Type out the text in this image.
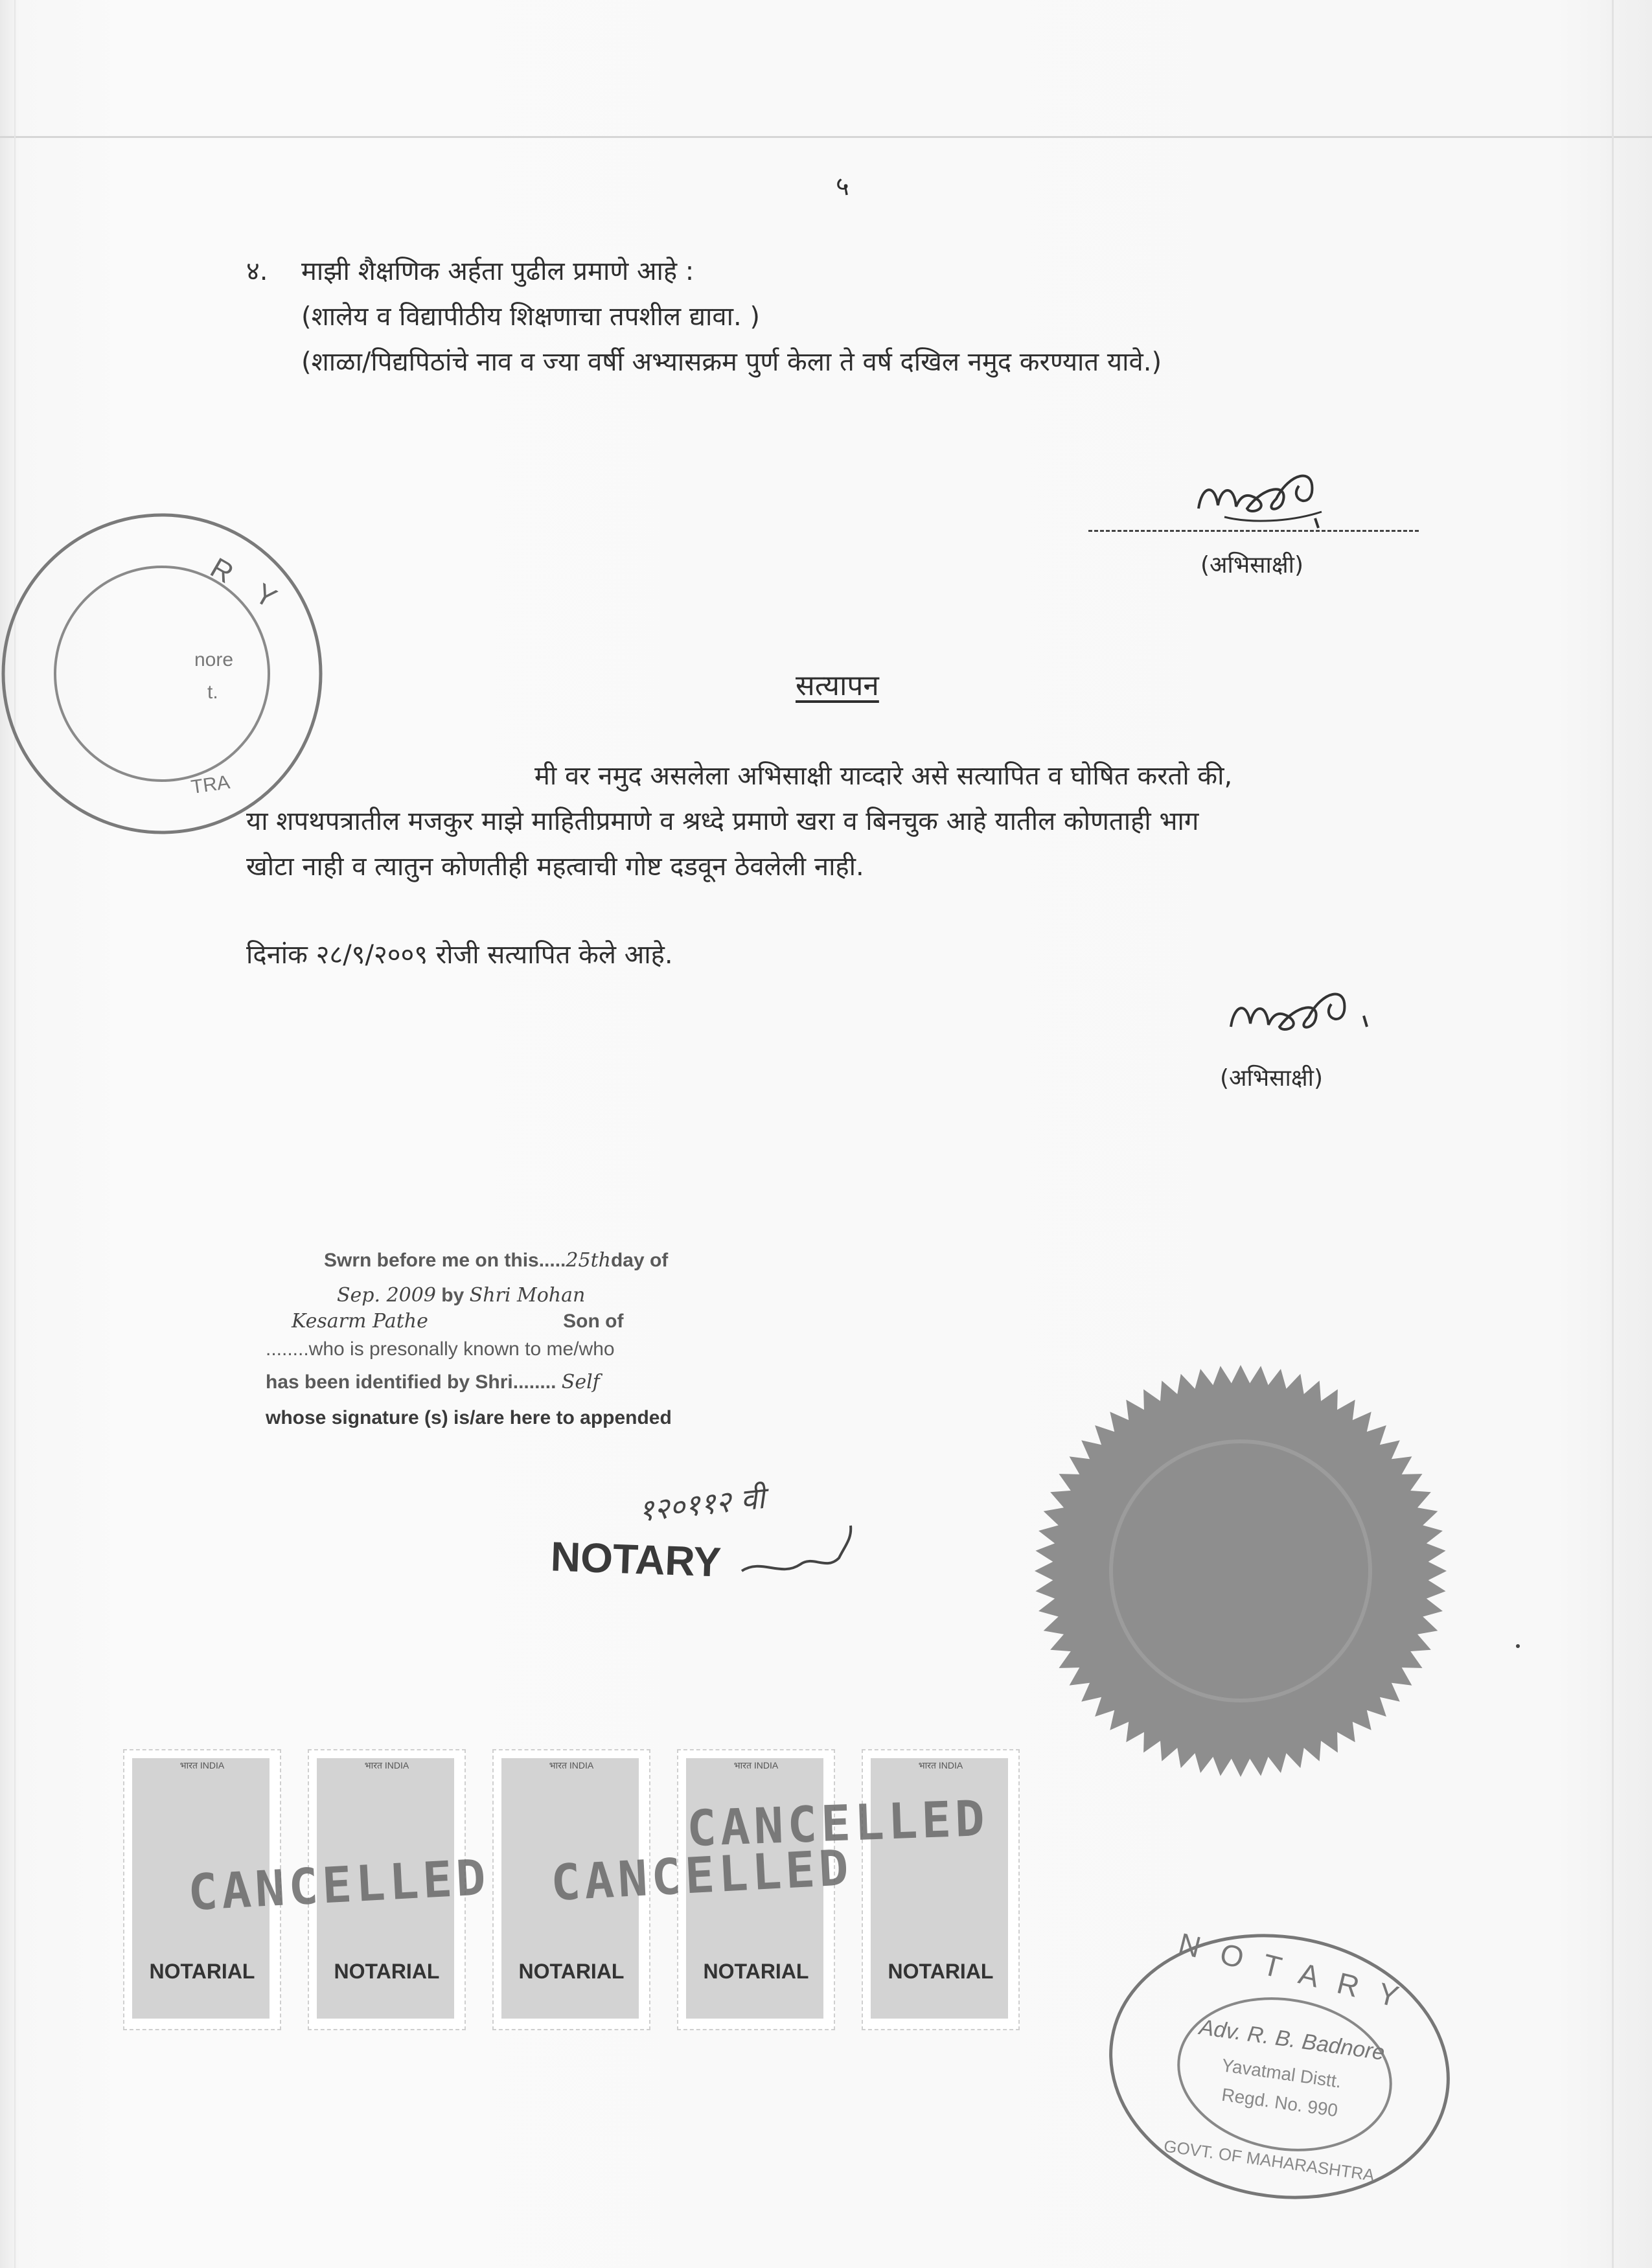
५
४. माझी शैक्षणिक अर्हता पुढील प्रमाणे आहे :
(शालेय व विद्यापीठीय शिक्षणाचा तपशील द्यावा. )
(शाळा/पिद्यपिठांचे नाव व ज्या वर्षी अभ्यासक्रम पुर्ण केला ते वर्ष दखिल नमुद करण्यात यावे.)
(अभिसाक्षी)
R Y
nore
t.
TRA
सत्यापन
मी वर नमुद असलेला अभिसाक्षी याव्दारे असे सत्यापित व घोषित करतो की,
या शपथपत्रातील मजकुर माझे माहितीप्रमाणे व श्रध्दे प्रमाणे खरा व बिनचुक आहे यातील कोणताही भाग
खोटा नाही व त्यातुन कोणतीही महत्वाची गोष्ट दडवून ठेवलेली नाही.
दिनांक २८/९/२००९ रोजी सत्यापित केले आहे.
(अभिसाक्षी)
Swrn before me on this.....25thday of
Sep. 2009 by Shri Mohan
Kesarm Pathe	Son of
........who is presonally known to me/who
has been identified by Shri........ Self
whose signature (s) is/are here to appended
१२०११२ वी
NOTARY
भारत INDIA
NOTARIAL
भारत INDIA
NOTARIAL
भारत INDIA
NOTARIAL
भारत INDIA
NOTARIAL
भारत INDIA
NOTARIAL
CANCELLED CANCELLED
CANCELLED
N O T A R Y
Adv. R. B. Badnore
Yavatmal Distt.
Regd. No. 990
GOVT. OF MAHARASHTRA
